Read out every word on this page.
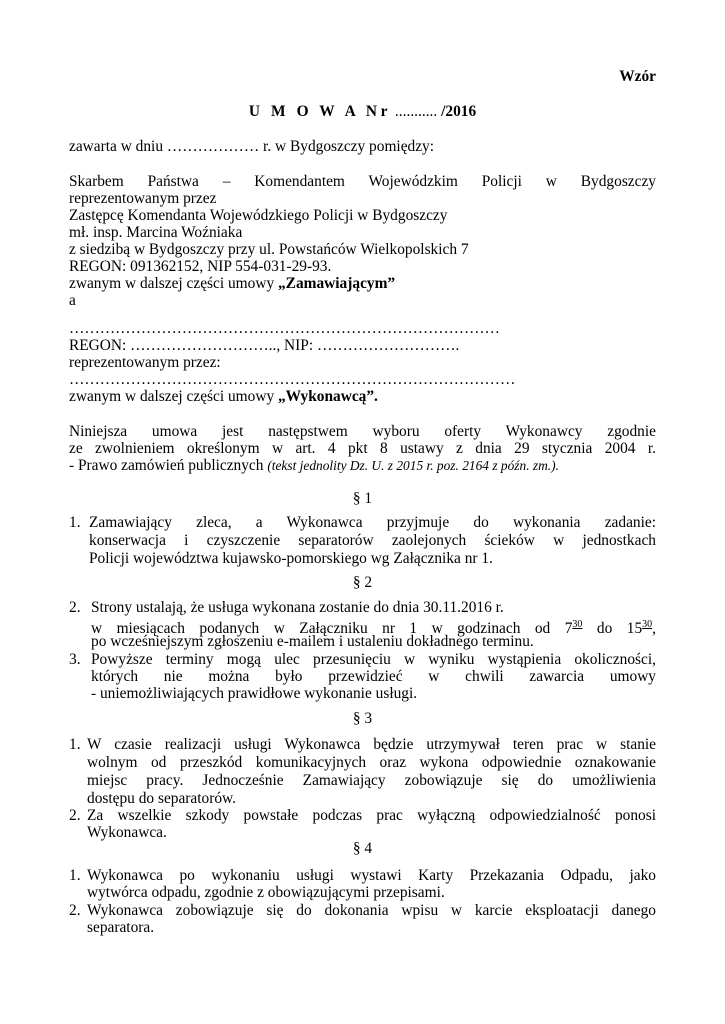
Wzór
U M O W A Nr ........... /2016
zawarta w dniu ……………… r. w Bydgoszczy pomiędzy:
Skarbem Państwa – Komendantem Wojewódzkim Policji w Bydgoszczy
reprezentowanym przez
Zastępcę Komendanta Wojewódzkiego Policji w Bydgoszczy
mł. insp. Marcina Woźniaka
z siedzibą w Bydgoszczy przy ul. Powstańców Wielkopolskich 7
REGON: 091362152, NIP 554-031-29-93.
zwanym w dalszej części umowy „Zamawiającym”
a
…………………………………………………………………………
REGON: ……………………….., NIP: ……………………….
reprezentowanym przez:
……………………………………………………………………………
zwanym w dalszej części umowy „Wykonawcą”.
Niniejsza umowa jest następstwem wyboru oferty Wykonawcy zgodnie
ze zwolnieniem określonym w art. 4 pkt 8 ustawy z dnia 29 stycznia 2004 r.
- Prawo zamówień publicznych (tekst jednolity Dz. U. z 2015 r. poz. 2164 z późn. zm.).
§ 1
1. Zamawiający zleca, a Wykonawca przyjmuje do wykonania zadanie:
konserwacja i czyszczenie separatorów zaolejonych ścieków w jednostkach
Policji województwa kujawsko-pomorskiego wg Załącznika nr 1.
§ 2
2. Strony ustalają, że usługa wykonana zostanie do dnia 30.11.2016 r.
w miesiącach podanych w Załączniku nr 1 w godzinach od $7^{30}$ do $15^{30}$,
po wcześniejszym zgłoszeniu e-mailem i ustaleniu dokładnego terminu.
3. Powyższe terminy mogą ulec przesunięciu w wyniku wystąpienia okoliczności,
których nie można było przewidzieć w chwili zawarcia umowy
- uniemożliwiających prawidłowe wykonanie usługi.
§ 3
1. W czasie realizacji usługi Wykonawca będzie utrzymywał teren prac w stanie
wolnym od przeszkód komunikacyjnych oraz wykona odpowiednie oznakowanie
miejsc pracy. Jednocześnie Zamawiający zobowiązuje się do umożliwienia
dostępu do separatorów.
2. Za wszelkie szkody powstałe podczas prac wyłączną odpowiedzialność ponosi
Wykonawca.
§ 4
1. Wykonawca po wykonaniu usługi wystawi Karty Przekazania Odpadu, jako
wytwórca odpadu, zgodnie z obowiązującymi przepisami.
2. Wykonawca zobowiązuje się do dokonania wpisu w karcie eksploatacji danego
separatora.
